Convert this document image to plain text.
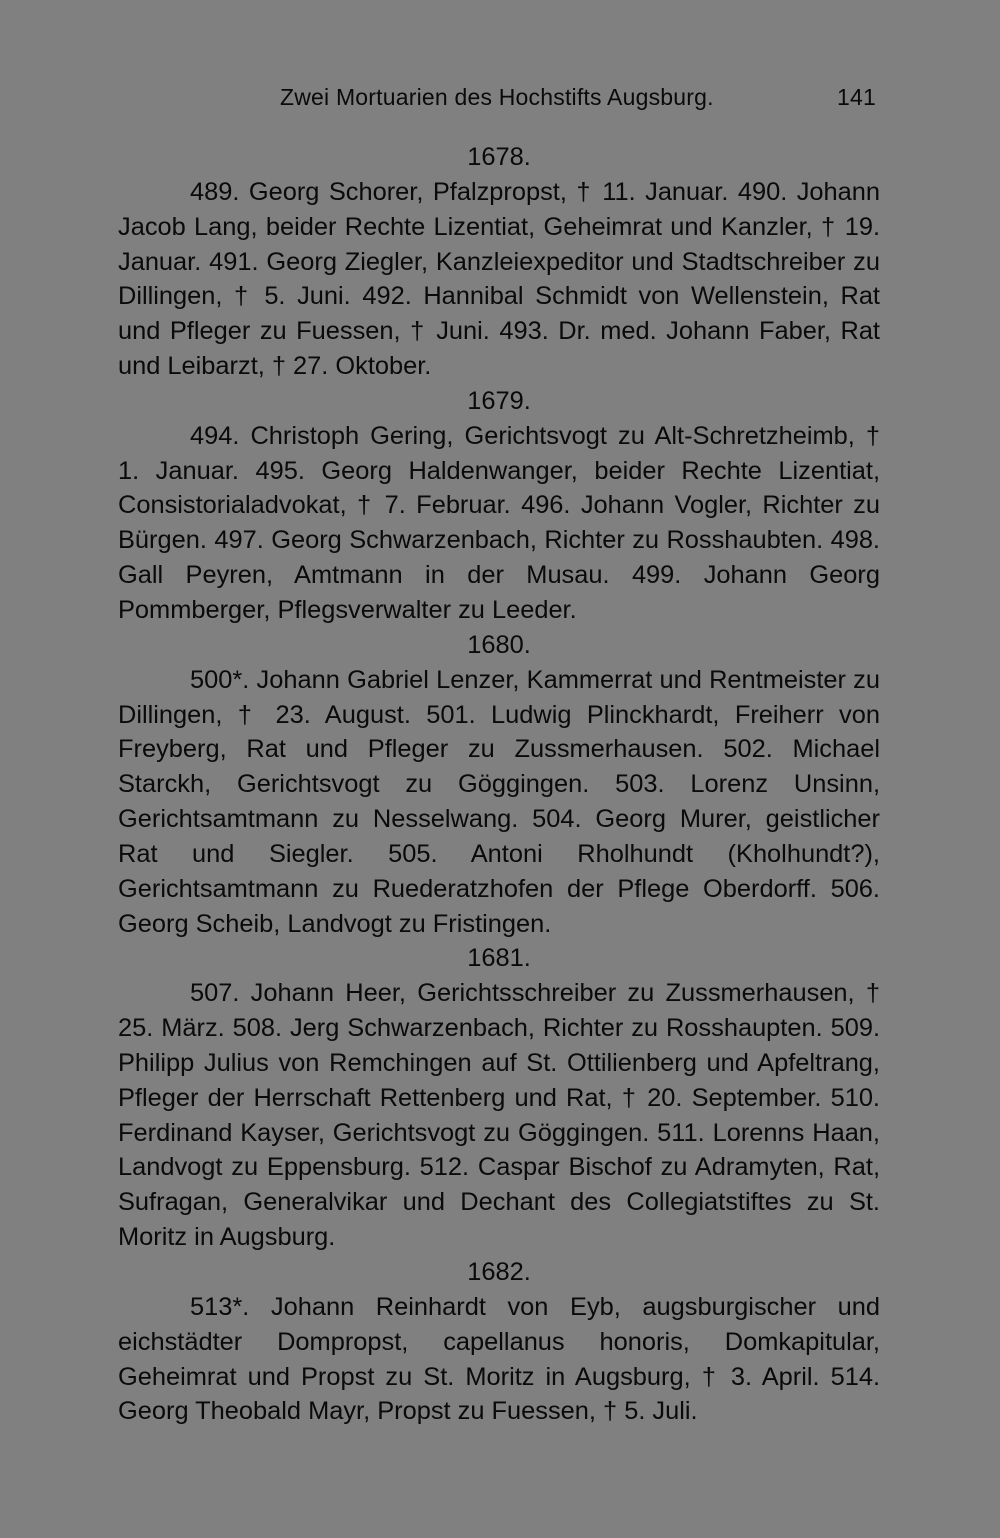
Zwei Mortuarien des Hochstifts Augsburg.	141
1678.

489. Georg Schorer, Pfalzpropst, † 11. Januar. 490. Johann Jacob Lang, beider Rechte Lizentiat, Geheimrat und Kanzler, † 19. Januar. 491. Georg Ziegler, Kanzleiexpeditor und Stadtschreiber zu Dillingen, † 5. Juni. 492. Hannibal Schmidt von Wellenstein, Rat und Pfleger zu Fuessen, † Juni. 493. Dr. med. Johann Faber, Rat und Leibarzt, † 27. Oktober.

1679.

494. Christoph Gering, Gerichtsvogt zu Alt-Schretzheimb, † 1. Januar. 495. Georg Haldenwanger, beider Rechte Lizentiat, Consistorialadvokat, † 7. Februar. 496. Johann Vogler, Richter zu Bürgen. 497. Georg Schwarzenbach, Richter zu Rosshaubten. 498. Gall Peyren, Amtmann in der Musau. 499. Johann Georg Pommberger, Pflegsverwalter zu Leeder.

1680.

500*. Johann Gabriel Lenzer, Kammerrat und Rentmeister zu Dillingen, † 23. August. 501. Ludwig Plinckhardt, Freiherr von Freyberg, Rat und Pfleger zu Zussmerhausen. 502. Michael Starckh, Gerichtsvogt zu Göggingen. 503. Lorenz Unsinn, Gerichtsamtmann zu Nesselwang. 504. Georg Murer, geistlicher Rat und Siegler. 505. Antoni Rholhundt (Kholhundt?), Gerichtsamtmann zu Ruederatzhofen der Pflege Oberdorff. 506. Georg Scheib, Landvogt zu Fristingen.

1681.

507. Johann Heer, Gerichtsschreiber zu Zussmerhausen, † 25. März. 508. Jerg Schwarzenbach, Richter zu Rosshaupten. 509. Philipp Julius von Remchingen auf St. Ottilienberg und Apfeltrang, Pfleger der Herrschaft Rettenberg und Rat, † 20. September. 510. Ferdinand Kayser, Gerichtsvogt zu Göggingen. 511. Lorenns Haan, Landvogt zu Eppensburg. 512. Caspar Bischof zu Adramyten, Rat, Sufragan, Generalvikar und Dechant des Collegiatstiftes zu St. Moritz in Augsburg.

1682.

513*. Johann Reinhardt von Eyb, augsburgischer und eichstädter Dompropst, capellanus honoris, Domkapitular, Geheimrat und Propst zu St. Moritz in Augsburg, † 3. April. 514. Georg Theobald Mayr, Propst zu Fuessen, † 5. Juli.
